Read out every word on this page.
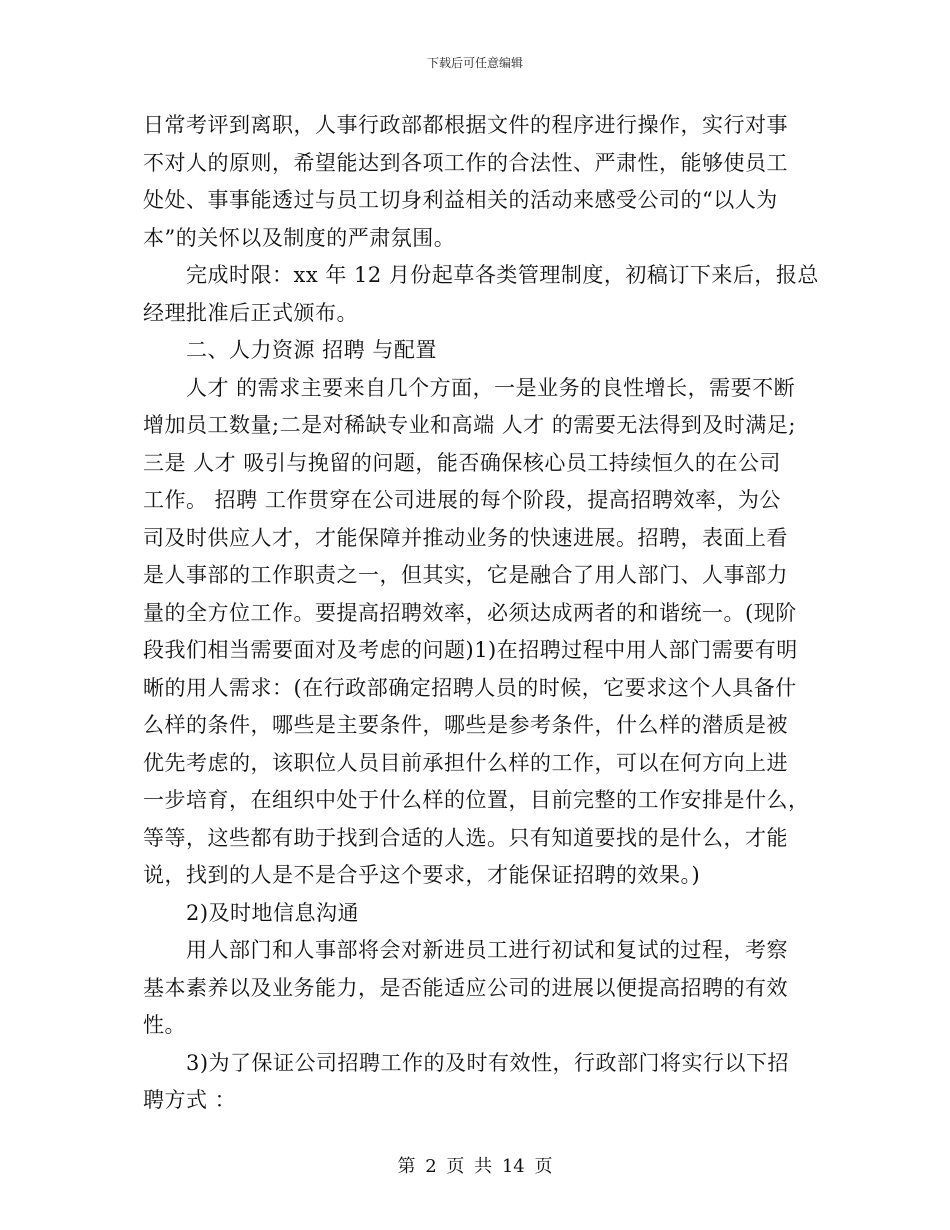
下载后可任意编辑
日常考评到离职，人事行政部都根据文件的程序进行操作，实行对事
不对人的原则，希望能达到各项工作的合法性、严肃性，能够使员工
处处、事事能透过与员工切身利益相关的活动来感受公司的“以人为
本”的关怀以及制度的严肃氛围。
完成时限：xx 年 12 月份起草各类管理制度，初稿订下来后，报总
经理批准后正式颁布。
二、人力资源 招聘 与配置
人才 的需求主要来自几个方面，一是业务的良性增长，需要不断
增加员工数量;二是对稀缺专业和高端 人才 的需要无法得到及时满足;
三是 人才 吸引与挽留的问题，能否确保核心员工持续恒久的在公司
工作。 招聘 工作贯穿在公司进展的每个阶段，提高招聘效率，为公
司及时供应人才，才能保障并推动业务的快速进展。招聘，表面上看
是人事部的工作职责之一，但其实，它是融合了用人部门、人事部力
量的全方位工作。要提高招聘效率，必须达成两者的和谐统一。(现阶
段我们相当需要面对及考虑的问题)1)在招聘过程中用人部门需要有明
晰的用人需求：(在行政部确定招聘人员的时候，它要求这个人具备什
么样的条件，哪些是主要条件，哪些是参考条件，什么样的潜质是被
优先考虑的，该职位人员目前承担什么样的工作，可以在何方向上进
一步培育，在组织中处于什么样的位置，目前完整的工作安排是什么，
等等，这些都有助于找到合适的人选。只有知道要找的是什么，才能
说，找到的人是不是合乎这个要求，才能保证招聘的效果。)
2)及时地信息沟通
用人部门和人事部将会对新进员工进行初试和复试的过程，考察
基本素养以及业务能力，是否能适应公司的进展以便提高招聘的有效
性。
3)为了保证公司招聘工作的及时有效性，行政部门将实行以下招
聘方式 ：
第 2 页 共 14 页
